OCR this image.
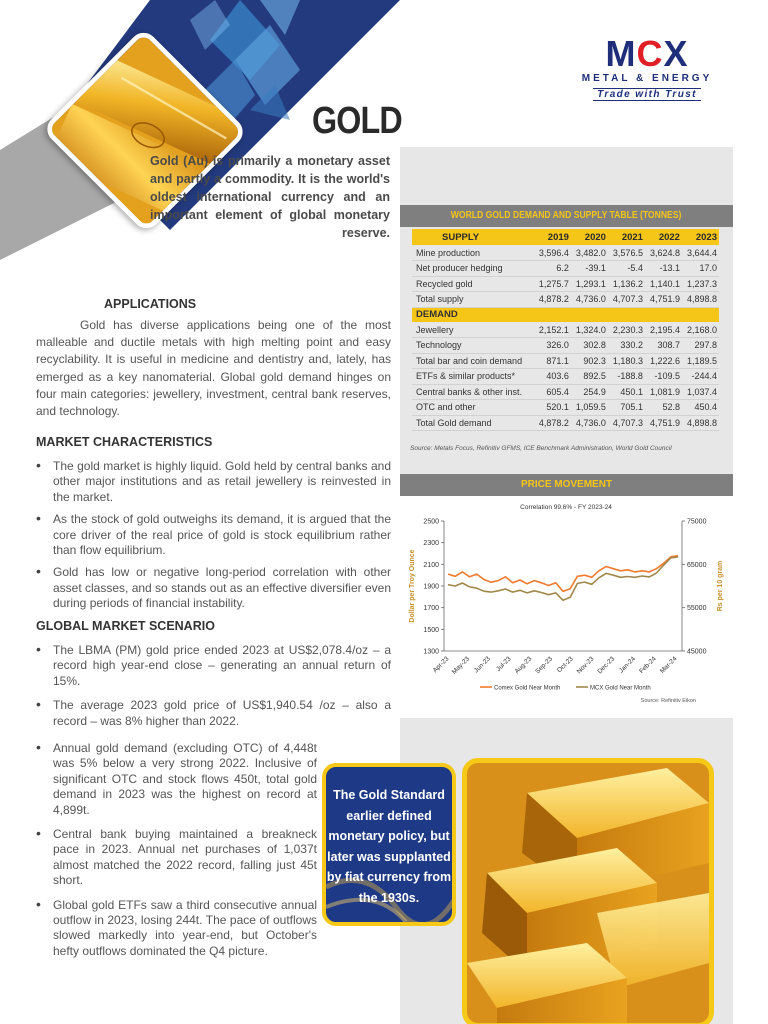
MCX
METAL & ENERGY
Trade with Trust
GOLD
Gold (Au) is primarily a monetary asset and partly a commodity. It is the world's oldest international currency and an important element of global monetary reserve.
APPLICATIONS
Gold has diverse applications being one of the most malleable and ductile metals with high melting point and easy recyclability. It is useful in medicine and dentistry and, lately, has emerged as a key nanomaterial. Global gold demand hinges on four main categories: jewellery, investment, central bank reserves, and technology.
MARKET CHARACTERISTICS
• The gold market is highly liquid. Gold held by central banks and other major institutions and as retail jewellery is reinvested in the market.
• As the stock of gold outweighs its demand, it is argued that the core driver of the real price of gold is stock equilibrium rather than flow equilibrium.
• Gold has low or negative long-period correlation with other asset classes, and so stands out as an effective diversifier even during periods of financial instability.
GLOBAL MARKET SCENARIO
• The LBMA (PM) gold price ended 2023 at US$2,078.4/oz – a record high year-end close – generating an annual return of 15%.
• The average 2023 gold price of US$1,940.54 /oz – also a record – was 8% higher than 2022.
• Annual gold demand (excluding OTC) of 4,448t was 5% below a very strong 2022. Inclusive of significant OTC and stock flows 450t, total gold demand in 2023 was the highest on record at 4,899t.
• Central bank buying maintained a breakneck pace in 2023. Annual net purchases of 1,037t almost matched the 2022 record, falling just 45t short.
• Global gold ETFs saw a third consecutive annual outflow in 2023, losing 244t. The pace of outflows slowed markedly into year-end, but October's hefty outflows dominated the Q4 picture.
WORLD GOLD DEMAND AND SUPPLY TABLE (TONNES)
SUPPLY	2019	2020	2021	2022	2023
Mine production	3,596.4	3,482.0	3,576.5	3,624.8	3,644.4
Net producer hedging	6.2	-39.1	-5.4	-13.1	17.0
Recycled gold	1,275.7	1,293.1	1,136.2	1,140.1	1,237.3
Total supply	4,878.2	4,736.0	4,707.3	4,751.9	4,898.8
DEMAND					
Jewellery	2,152.1	1,324.0	2,230.3	2,195.4	2,168.0
Technology	326.0	302.8	330.2	308.7	297.8
Total bar and coin demand	871.1	902.3	1,180.3	1,222.6	1,189.5
ETFs & similar products*	403.6	892.5	-188.8	-109.5	-244.4
Central banks & other inst.	605.4	254.9	450.1	1,081.9	1,037.4
OTC and other	520.1	1,059.5	705.1	52.8	450.4
Total Gold demand	4,878.2	4,736.0	4,707.3	4,751.9	4,898.8
Source: Metals Focus, Refinitiv GFMS, ICE Benchmark Administration, World Gold Council
PRICE MOVEMENT
Correlation 99.6% - FY 2023-24
2500
2300
2100
1900
1700
1500
1300
75000
65000
55000
45000
Apr-23 May-23 Jun-23 Jul-23 Aug-23 Sep-23 Oct-23 Nov-23 Dec-23 Jan-24 Feb-24 Mar-24
Dollar per Troy Ounce	Rs per 10 gram
Comex Gold Near Month	MCX Gold Near Month
Source: Refinitiv Eikon
The Gold Standard earlier defined monetary policy, but later was supplanted by fiat currency from the 1930s.
